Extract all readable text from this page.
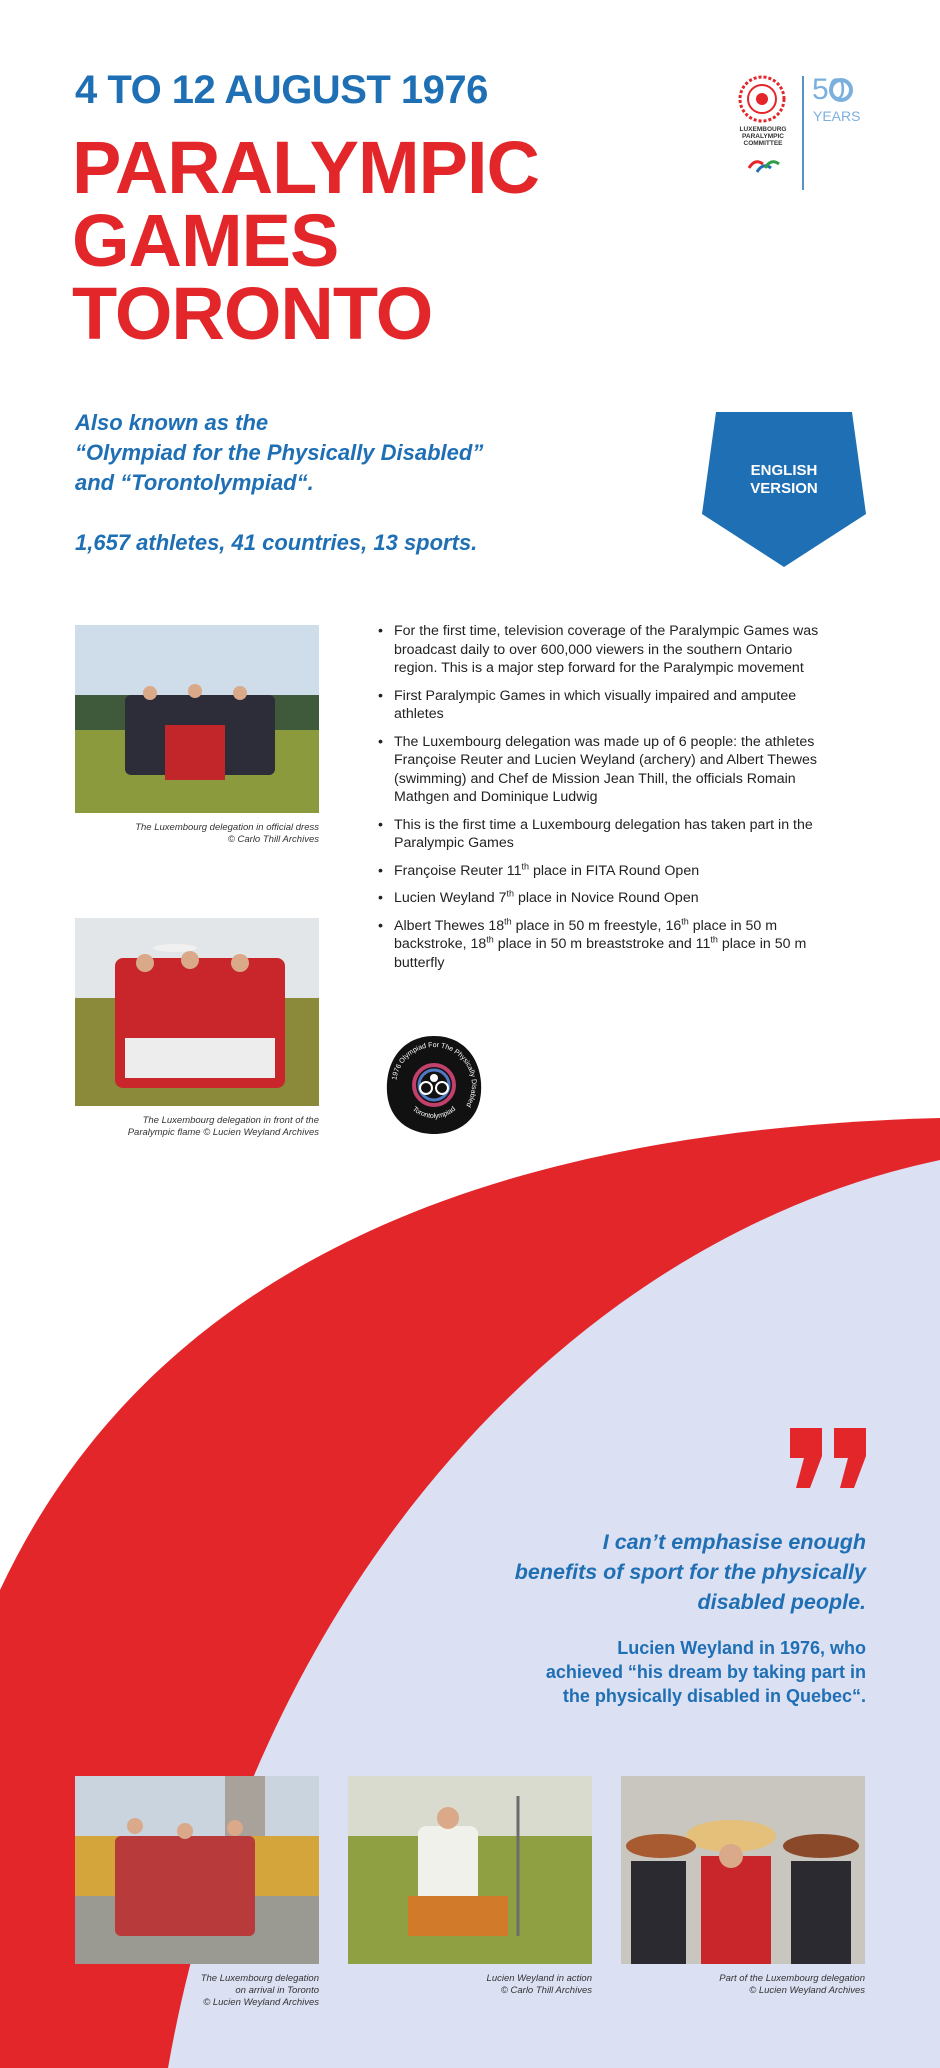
4 TO 12 AUGUST 1976
PARALYMPIC
GAMES
TORONTO
LUXEMBOURG
PARALYMPIC
COMMITTEE
50
YEARS

Also known as the

“Olympiad for the Physically Disabled”

and “Torontolympiad“.

1,657 athletes, 41 countries, 13 sports.

ENGLISH
VERSION
The Luxembourg delegation in official dress
© Carlo Thill Archives
The Luxembourg delegation in front of the
Paralympic flame © Lucien Weyland Archives
• For the first time, television coverage of the Paralympic Games was
broadcast daily to over 600,000 viewers in the southern Ontario
region. This is a major step forward for the Paralympic movement
• First Paralympic Games in which visually impaired and amputee
athletes
• The Luxembourg delegation was made up of 6 people: the athletes
Françoise Reuter and Lucien Weyland (archery) and Albert Thewes
(swimming) and Chef de Mission Jean Thill, the officials Romain
Mathgen and Dominique Ludwig
• This is the first time a Luxembourg delegation has taken part in the
Paralympic Games
• Françoise Reuter 11th place in FITA Round Open
• Lucien Weyland 7th place in Novice Round Open
• Albert Thewes 18th place in 50 m freestyle, 16th place in 50 m
backstroke, 18th place in 50 m breaststroke and 11th place in 50 m
butterfly
1976 Olympiad For The Physically Disabled
Torontolympiad
I can’t emphasise enough
benefits of sport for the physically
disabled people.
Lucien Weyland in 1976, who
achieved “his dream by taking part in
the physically disabled in Quebec“.
The Luxembourg delegation
on arrival in Toronto
© Lucien Weyland Archives
Lucien Weyland in action
© Carlo Thill Archives
Part of the Luxembourg delegation
© Lucien Weyland Archives
